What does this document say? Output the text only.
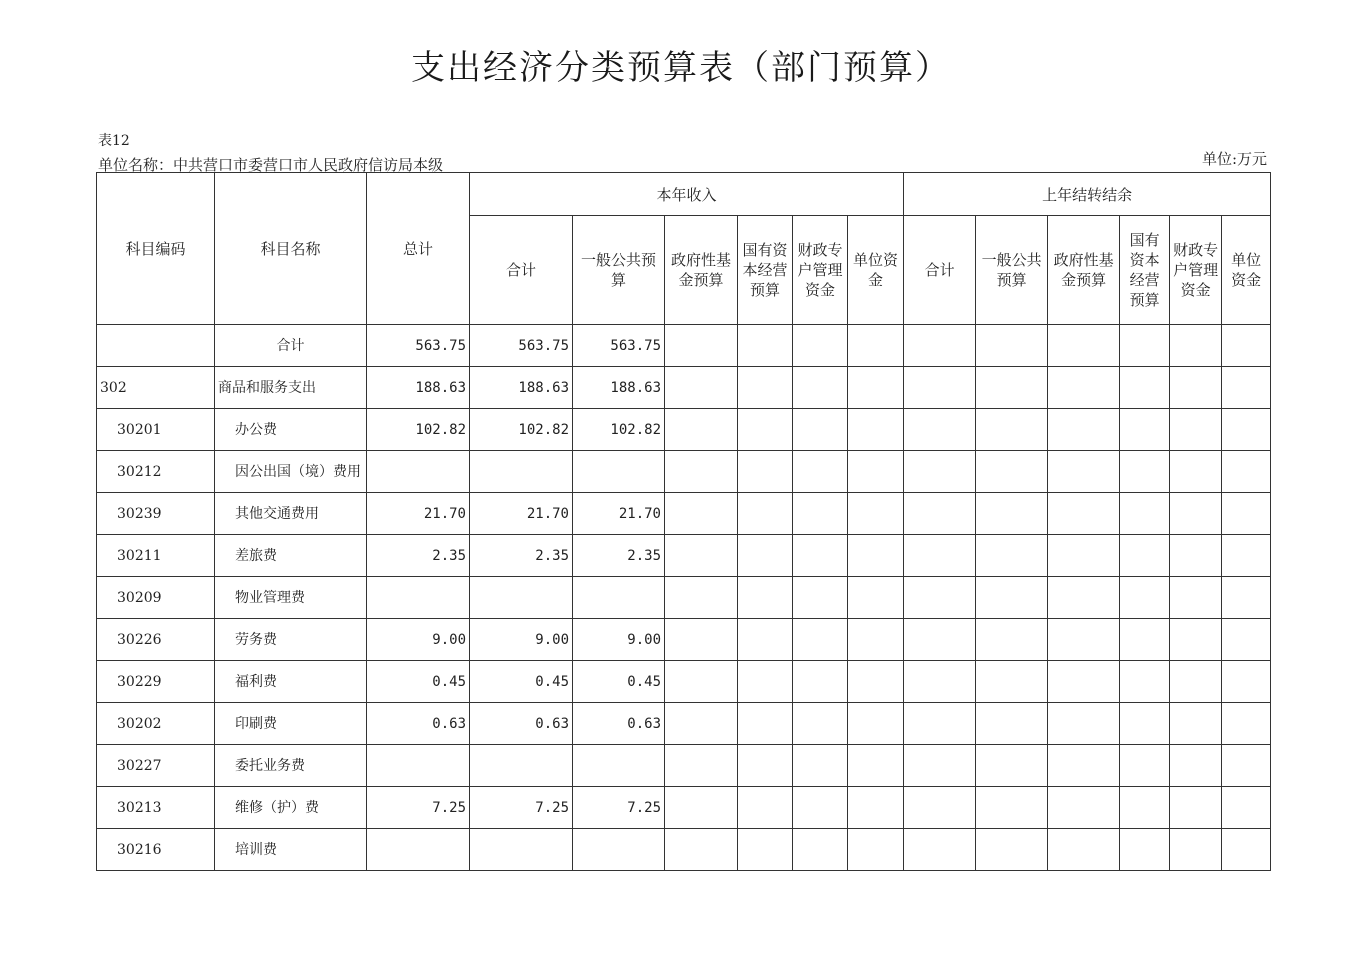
支出经济分类预算表（部门预算）
表12
单位名称：中共营口市委营口市人民政府信访局本级	单位:万元
科目编码	科目名称	总计	本年收入						上年结转结余					
			合计	一般公共预算	政府性基金预算	国有资本经营预算	财政专户管理资金	单位资金	合计	一般公共预算	政府性基金预算	国有资本经营预算	财政专户管理资金	单位资金
	合计	563.75	563.75	563.75										
302	商品和服务支出	188.63	188.63	188.63										
30201	办公费	102.82	102.82	102.82										
30212	因公出国（境）费用													
30239	其他交通费用	21.70	21.70	21.70										
30211	差旅费	2.35	2.35	2.35										
30209	物业管理费													
30226	劳务费	9.00	9.00	9.00										
30229	福利费	0.45	0.45	0.45										
30202	印刷费	0.63	0.63	0.63										
30227	委托业务费													
30213	维修（护）费	7.25	7.25	7.25										
30216	培训费													
